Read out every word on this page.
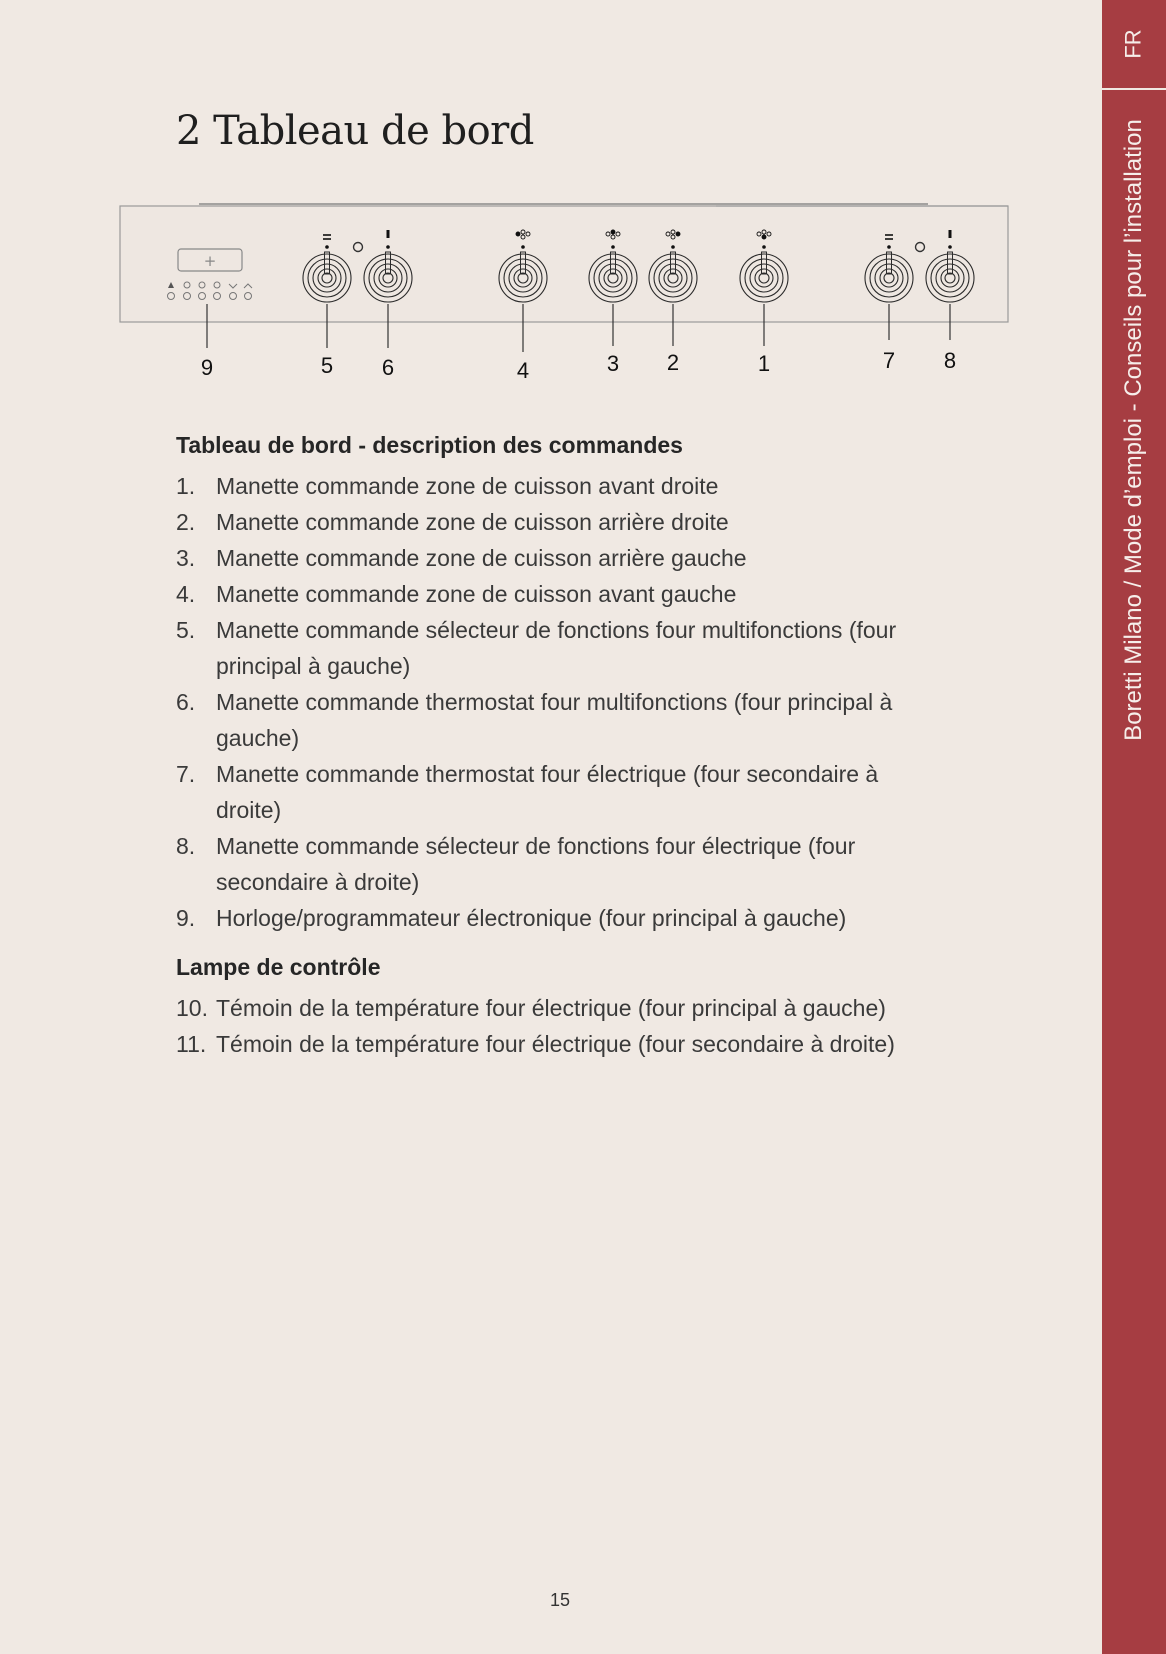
FR
Boretti Milano / Mode d’emploi - Conseils pour l’installation
2 Tableau de bord
+
9	5 6	4	3 2	1	7 8
Tableau de bord - description des commandes
1. Manette commande zone de cuisson avant droite
2. Manette commande zone de cuisson arrière droite
3. Manette commande zone de cuisson arrière gauche
4. Manette commande zone de cuisson avant gauche
5. Manette commande sélecteur de fonctions four multifonctions (four principal à gauche)
6. Manette commande thermostat four multifonctions (four principal à gauche)
7. Manette commande thermostat four électrique (four secondaire à droite)
8. Manette commande sélecteur de fonctions four électrique (four secondaire à droite)
9. Horloge/programmateur électronique (four principal à gauche)
Lampe de contrôle
10. Témoin de la température four électrique (four principal à gauche)
11. Témoin de la température four électrique (four secondaire à droite)
15
